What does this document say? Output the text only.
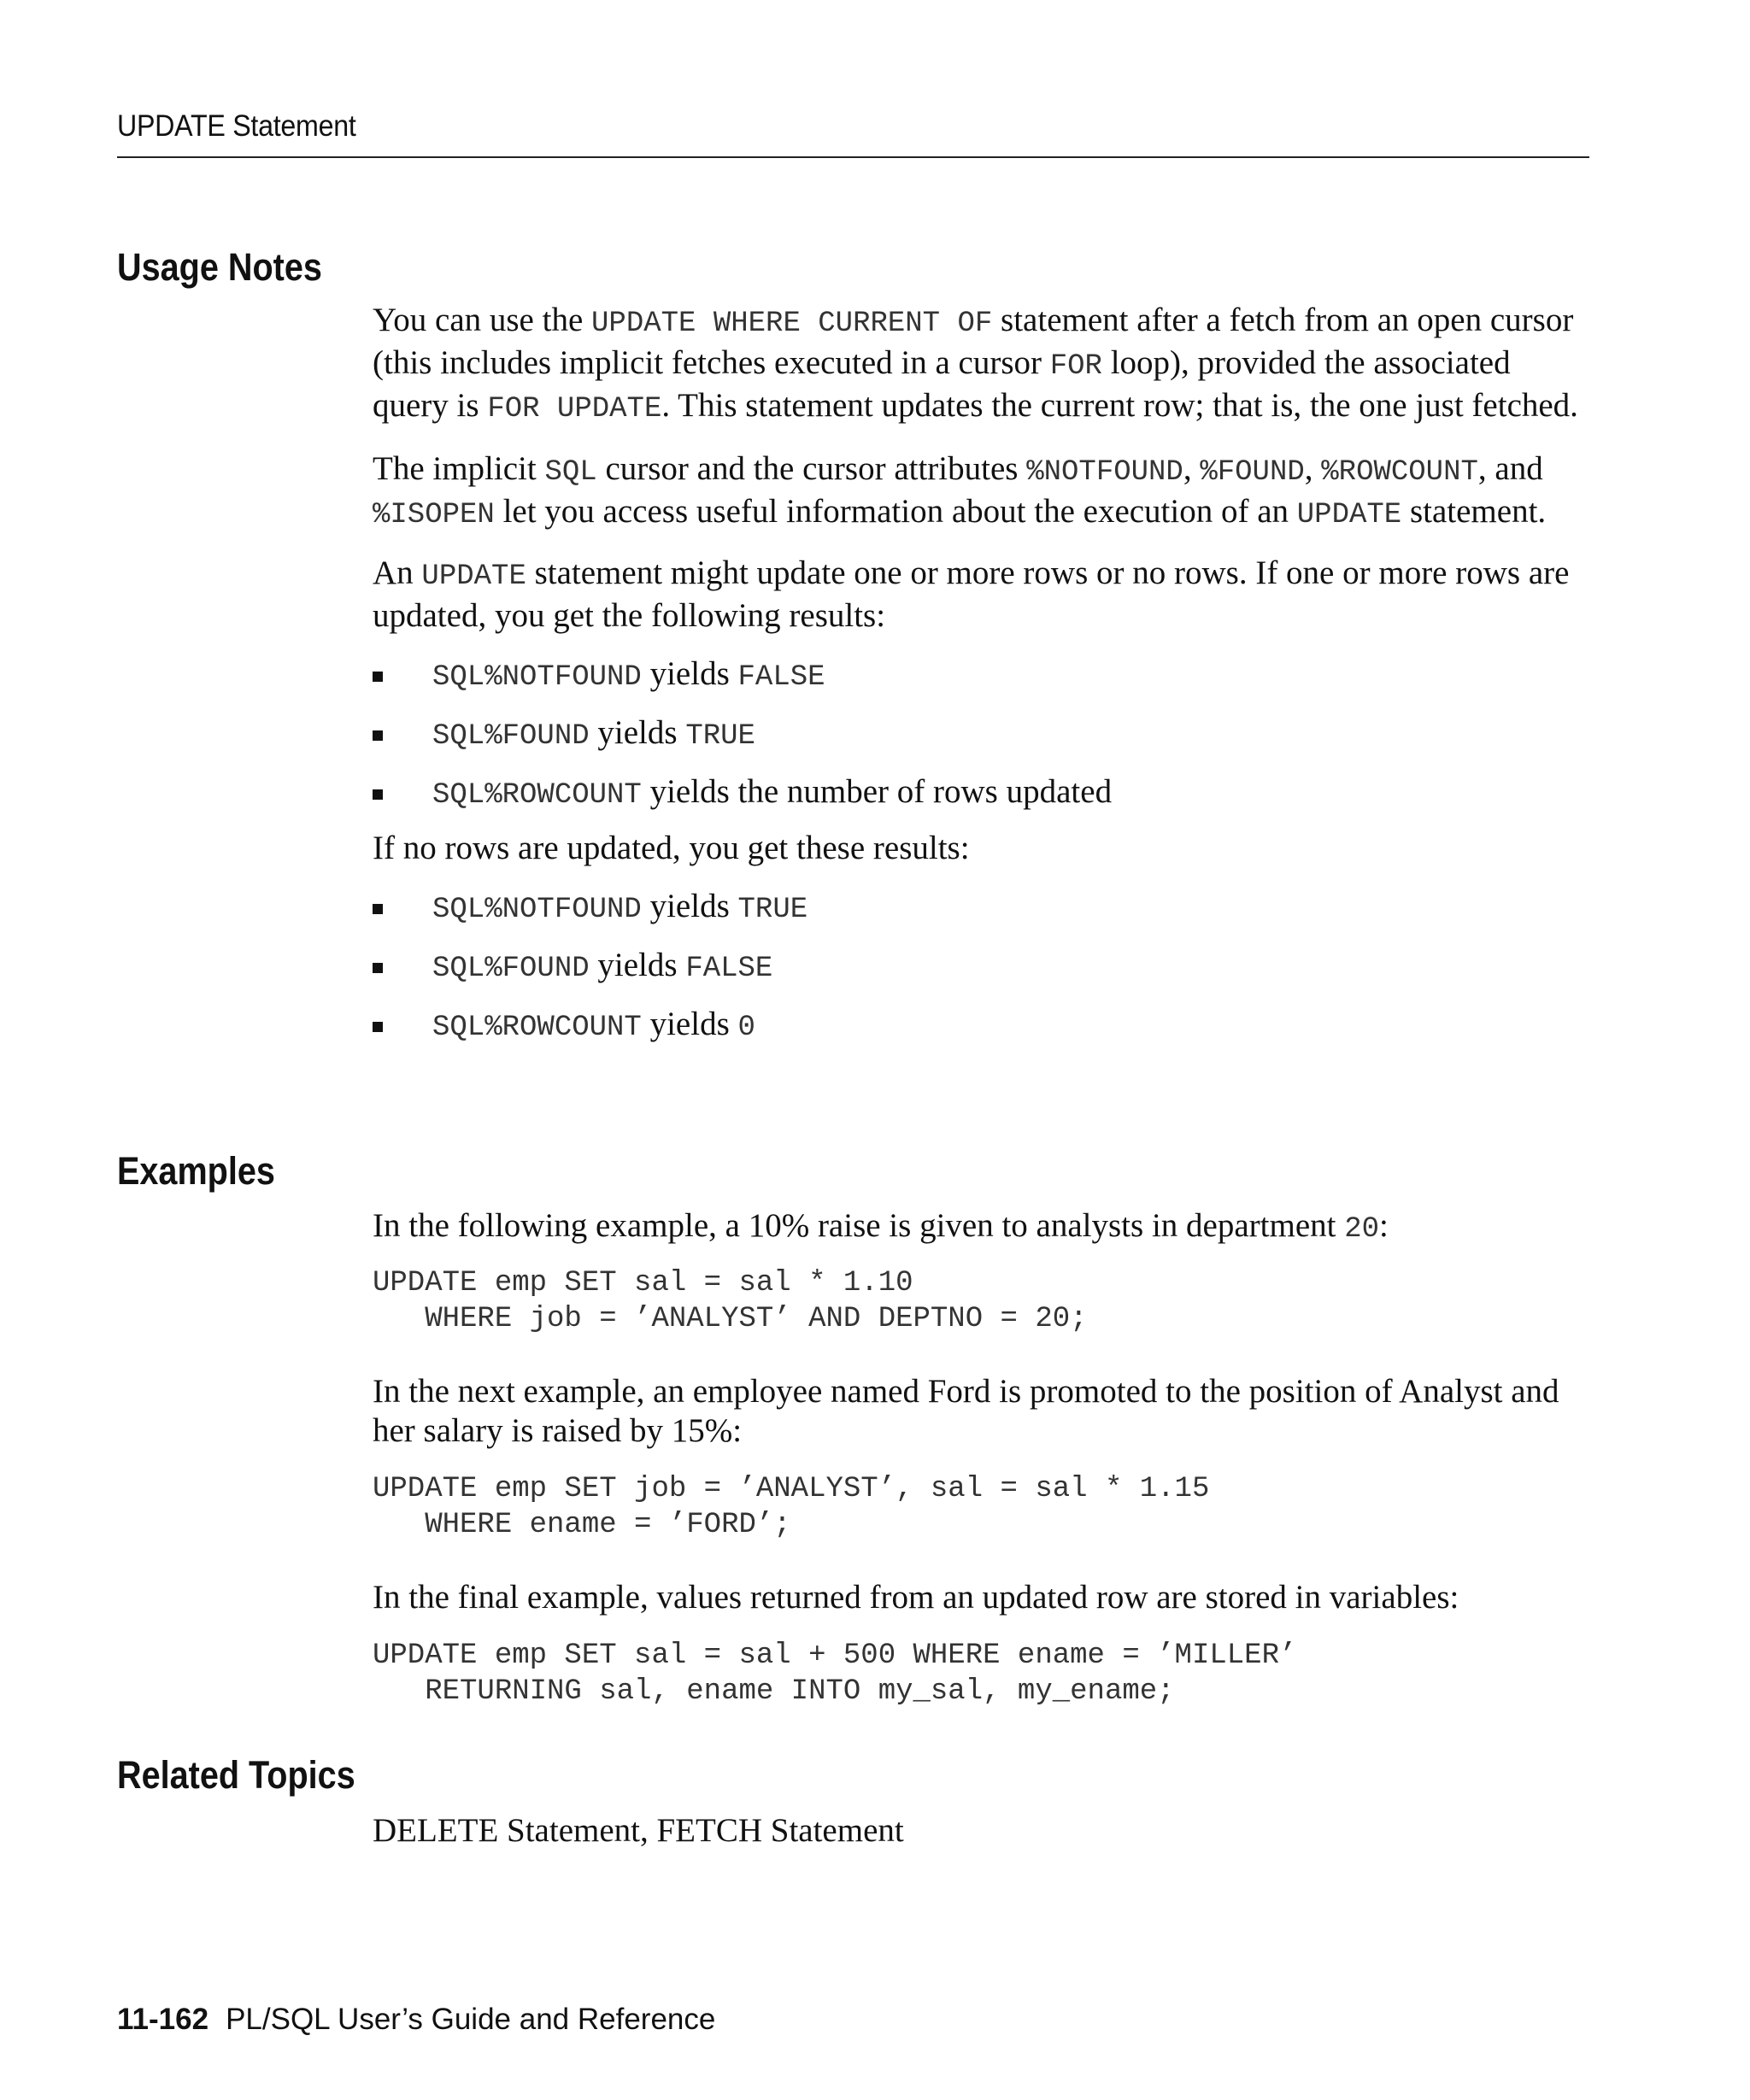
UPDATE Statement
Usage Notes

You can use the UPDATE WHERE CURRENT OF statement after a fetch from an open cursor (this includes implicit fetches executed in a cursor FOR loop), provided the associated query is FOR UPDATE. This statement updates the current row; that is, the one just fetched.

The implicit SQL cursor and the cursor attributes %NOTFOUND, %FOUND, %ROWCOUNT, and %ISOPEN let you access useful information about the execution of an UPDATE statement.

An UPDATE statement might update one or more rows or no rows. If one or more rows are updated, you get the following results:

SQL%NOTFOUND yields FALSE
SQL%FOUND yields TRUE
SQL%ROWCOUNT yields the number of rows updated

If no rows are updated, you get these results:

SQL%NOTFOUND yields TRUE
SQL%FOUND yields FALSE
SQL%ROWCOUNT yields 0
Examples

In the following example, a 10% raise is given to analysts in department 20:

UPDATE emp SET sal = sal * 1.10
WHERE job = ’ANALYST’ AND DEPTNO = 20;

In the next example, an employee named Ford is promoted to the position of Analyst and her salary is raised by 15%:

UPDATE emp SET job = ’ANALYST’, sal = sal * 1.15
WHERE ename = ’FORD’;

In the final example, values returned from an updated row are stored in variables:

UPDATE emp SET sal = sal + 500 WHERE ename = ’MILLER’
RETURNING sal, ename INTO my_sal, my_ename;
Related Topics

DELETE Statement, FETCH Statement

11-162 PL/SQL User’s Guide and Reference
